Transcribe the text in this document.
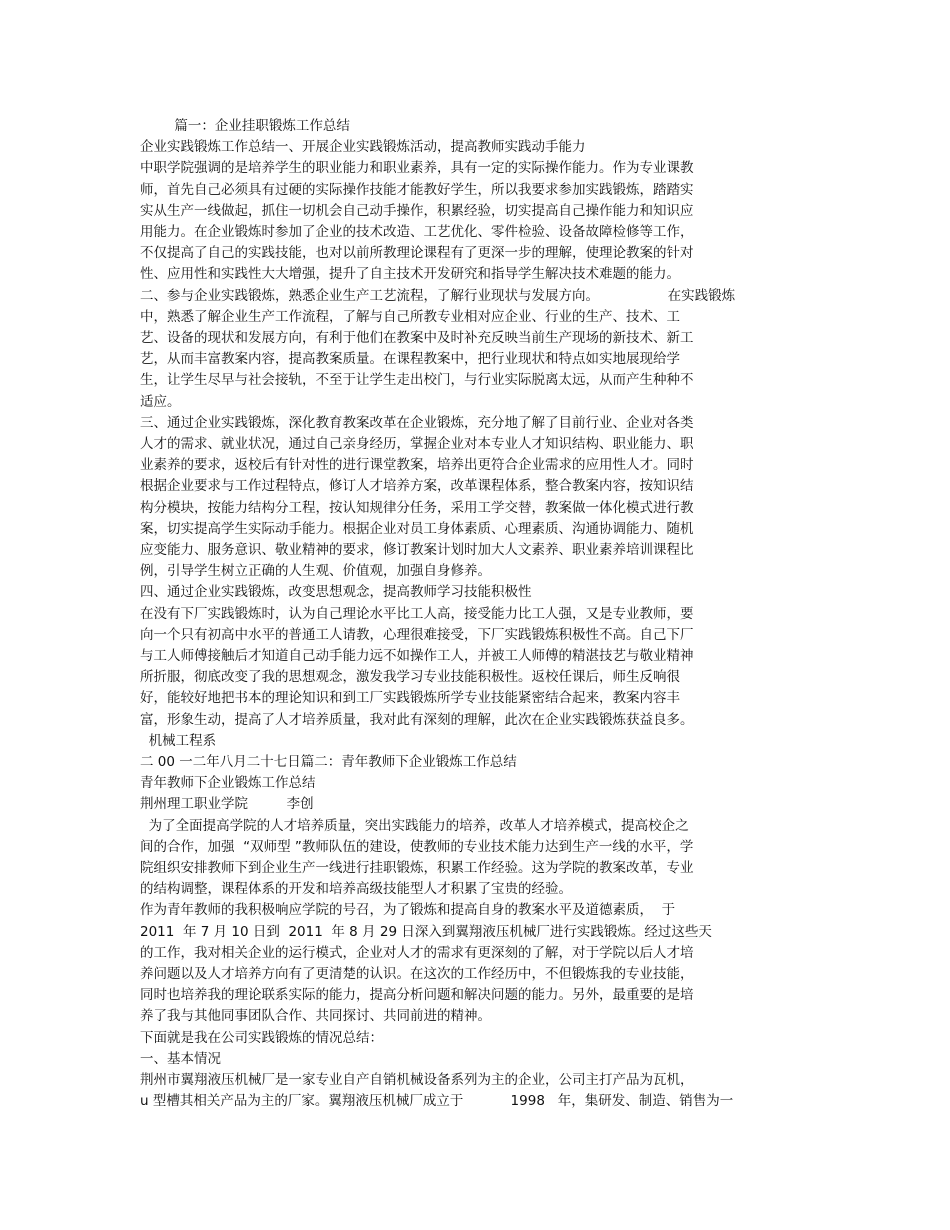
篇一：企业挂职锻炼工作总结
企业实践锻炼工作总结一、开展企业实践锻炼活动，提高教师实践动手能力
中职学院强调的是培养学生的职业能力和职业素养，具有一定的实际操作能力。作为专业课教
师，首先自己必须具有过硬的实际操作技能才能教好学生，所以我要求参加实践锻炼，踏踏实
实从生产一线做起，抓住一切机会自己动手操作，积累经验，切实提高自己操作能力和知识应
用能力。在企业锻炼时参加了企业的技术改造、工艺优化、零件检验、设备故障检修等工作，
不仅提高了自己的实践技能，也对以前所教理论课程有了更深一步的理解，使理论教案的针对
性、应用性和实践性大大增强，提升了自主技术开发研究和指导学生解决技术难题的能力。
二、参与企业实践锻炼，熟悉企业生产工艺流程，了解行业现状与发展方向。                在实践锻炼
中，熟悉了解企业生产工作流程，了解与自己所教专业相对应企业、行业的生产、技术、工
艺、设备的现状和发展方向，有利于他们在教案中及时补充反映当前生产现场的新技术、新工
艺，从而丰富教案内容，提高教案质量。在课程教案中，把行业现状和特点如实地展现给学
生，让学生尽早与社会接轨，不至于让学生走出校门，与行业实际脱离太远，从而产生种种不
适应。
三、通过企业实践锻炼，深化教育教案改革在企业锻炼，充分地了解了目前行业、企业对各类
人才的需求、就业状况，通过自己亲身经历，掌握企业对本专业人才知识结构、职业能力、职
业素养的要求，返校后有针对性的进行课堂教案，培养出更符合企业需求的应用性人才。同时
根据企业要求与工作过程特点，修订人才培养方案，改革课程体系，整合教案内容，按知识结
构分模块，按能力结构分工程，按认知规律分任务，采用工学交替，教案做一体化模式进行教
案，切实提高学生实际动手能力。根据企业对员工身体素质、心理素质、沟通协调能力、随机
应变能力、服务意识、敬业精神的要求，修订教案计划时加大人文素养、职业素养培训课程比
例，引导学生树立正确的人生观、价值观，加强自身修养。
四、通过企业实践锻炼，改变思想观念，提高教师学习技能积极性
在没有下厂实践锻炼时，认为自己理论水平比工人高，接受能力比工人强，又是专业教师，要
向一个只有初高中水平的普通工人请教，心理很难接受，下厂实践锻炼积极性不高。自己下厂
与工人师傅接触后才知道自己动手能力远不如操作工人，并被工人师傅的精湛技艺与敬业精神
所折服，彻底改变了我的思想观念，激发我学习专业技能积极性。返校任课后，师生反响很
好，能较好地把书本的理论知识和到工厂实践锻炼所学专业技能紧密结合起来，教案内容丰
富，形象生动，提高了人才培养质量，我对此有深刻的理解，此次在企业实践锻炼获益良多。
机械工程系
二 00 一二年八月二十七日篇二：青年教师下企业锻炼工作总结
青年教师下企业锻炼工作总结
荆州理工职业学院         李创
为了全面提高学院的人才培养质量，突出实践能力的培养，改革人才培养模式，提高校企之
间的合作，加强  “双师型 ”教师队伍的建设，使教师的专业技术能力达到生产一线的水平，学
院组织安排教师下到企业生产一线进行挂职锻炼，积累工作经验。这为学院的教案改革，专业
的结构调整，课程体系的开发和培养高级技能型人才积累了宝贵的经验。
作为青年教师的我积极响应学院的号召，为了锻炼和提高自身的教案水平及道德素质，  于
2011  年 7 月 10 日到  2011  年 8 月 29 日深入到翼翔液压机械厂进行实践锻炼。经过这些天
的工作，我对相关企业的运行模式，企业对人才的需求有更深刻的了解，对于学院以后人才培
养问题以及人才培养方向有了更清楚的认识。在这次的工作经历中，不但锻炼我的专业技能，
同时也培养我的理论联系实际的能力，提高分析问题和解决问题的能力。另外，最重要的是培
养了我与其他同事团队合作、共同探讨、共同前进的精神。
下面就是我在公司实践锻炼的情况总结：
一、基本情况
荆州市翼翔液压机械厂是一家专业自产自销机械设备系列为主的企业，公司主打产品为瓦机，
u 型槽其相关产品为主的厂家。翼翔液压机械厂成立于           1998   年，集研发、制造、销售为一
